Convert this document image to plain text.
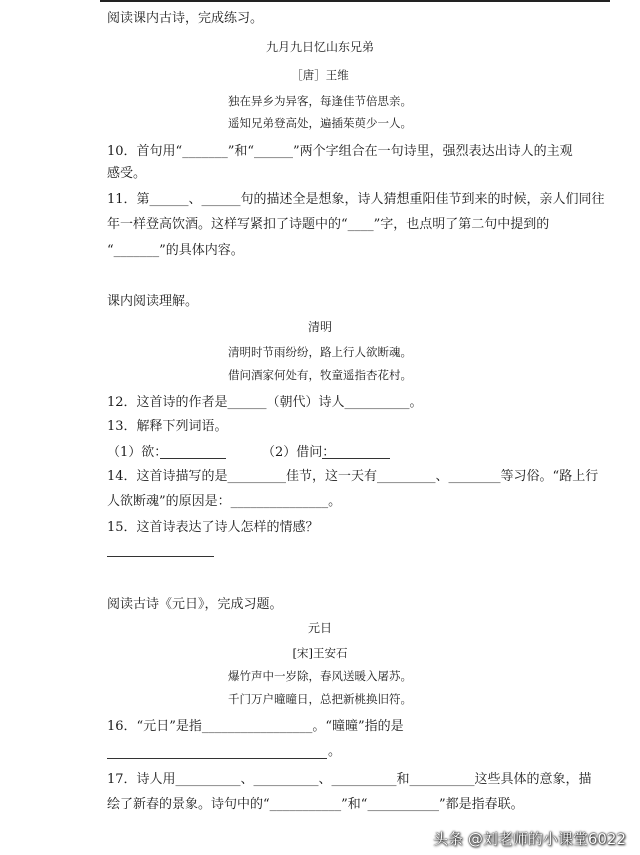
阅读课内古诗，完成练习。
九月九日忆山东兄弟
［唐］王维
独在异乡为异客，每逢佳节倍思亲。
遥知兄弟登高处，遍插茱萸少一人。
10．首句用“_______”和“______”两个字组合在一句诗里，强烈表达出诗人的主观
感受。
11．第______、______句的描述全是想象，诗人猜想重阳佳节到来的时候，亲人们同往
年一样登高饮酒。这样写紧扣了诗题中的“____”字，也点明了第二句中提到的
“_______”的具体内容。
课内阅读理解。
清明
清明时节雨纷纷，路上行人欲断魂。
借问酒家何处有，牧童遥指杏花村。
12．这首诗的作者是______（朝代）诗人__________。
13．解释下列词语。
（1）欲：	（2）借问：
14．这首诗描写的是_________佳节，这一天有_________、________等习俗。“路上行
人欲断魂”的原因是：_______________。
15．这首诗表达了诗人怎样的情感？
阅读古诗《元日》，完成习题。
元日
[宋]王安石
爆竹声中一岁除，春风送暖入屠苏。
千门万户曈曈日，总把新桃换旧符。
16．“元日”是指_________________。“曈曈”指的是
。
17．诗人用__________、__________、__________和__________这些具体的意象，描
绘了新春的景象。诗句中的“___________”和“___________”都是指春联。
头条 @刘老师的小课堂6022
